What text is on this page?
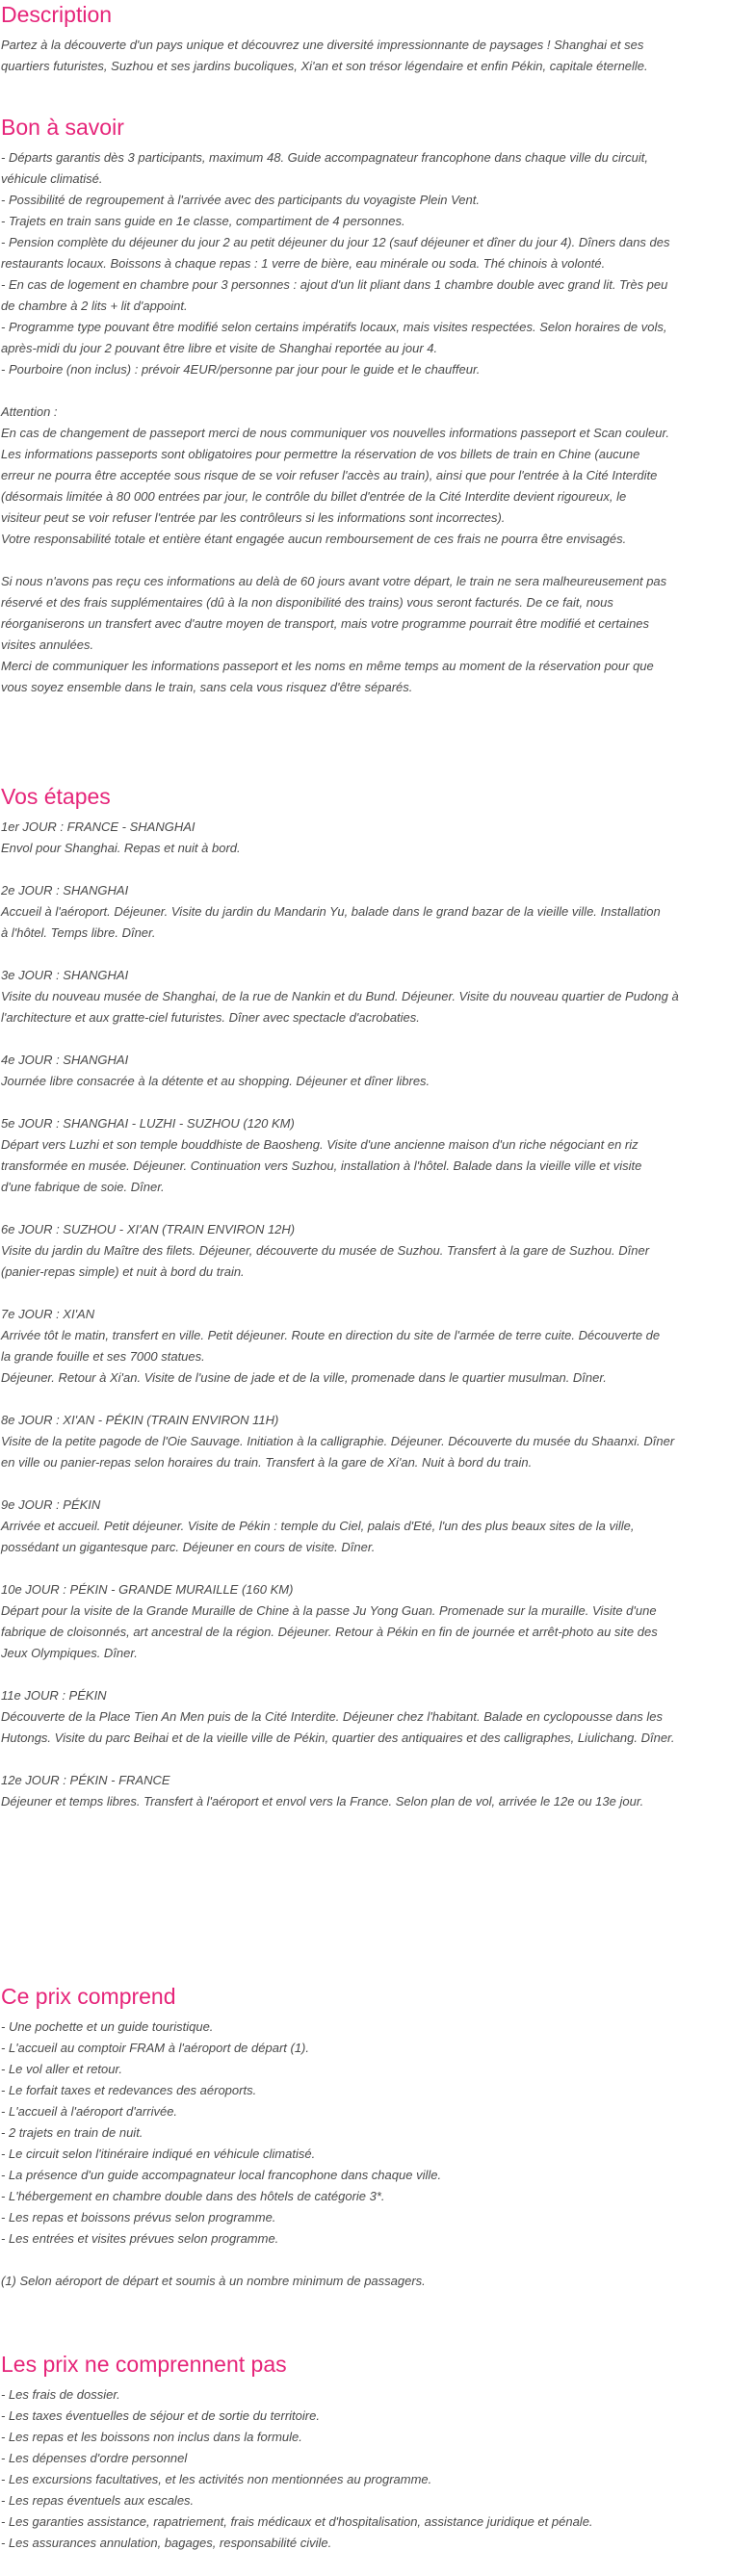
Description
Partez à la découverte d'un pays unique et découvrez une diversité impressionnante de paysages ! Shanghai et ses
quartiers futuristes, Suzhou et ses jardins bucoliques, Xi'an et son trésor légendaire et enfin Pékin, capitale éternelle.
Bon à savoir
- Départs garantis dès 3 participants, maximum 48. Guide accompagnateur francophone dans chaque ville du circuit,
véhicule climatisé.
- Possibilité de regroupement à l'arrivée avec des participants du voyagiste Plein Vent.
- Trajets en train sans guide en 1e classe, compartiment de 4 personnes.
- Pension complète du déjeuner du jour 2 au petit déjeuner du jour 12 (sauf déjeuner et dîner du jour 4). Dîners dans des
restaurants locaux. Boissons à chaque repas : 1 verre de bière, eau minérale ou soda. Thé chinois à volonté.
- En cas de logement en chambre pour 3 personnes : ajout d'un lit pliant dans 1 chambre double avec grand lit. Très peu
de chambre à 2 lits + lit d'appoint.
- Programme type pouvant être modifié selon certains impératifs locaux, mais visites respectées. Selon horaires de vols,
après-midi du jour 2 pouvant être libre et visite de Shanghai reportée au jour 4.
- Pourboire (non inclus) : prévoir 4EUR/personne par jour pour le guide et le chauffeur.
Attention :
En cas de changement de passeport merci de nous communiquer vos nouvelles informations passeport et Scan couleur.
Les informations passeports sont obligatoires pour permettre la réservation de vos billets de train en Chine (aucune
erreur ne pourra être acceptée sous risque de se voir refuser l'accès au train), ainsi que pour l'entrée à la Cité Interdite
(désormais limitée à 80 000 entrées par jour, le contrôle du billet d'entrée de la Cité Interdite devient rigoureux, le
visiteur peut se voir refuser l'entrée par les contrôleurs si les informations sont incorrectes).
Votre responsabilité totale et entière étant engagée aucun remboursement de ces frais ne pourra être envisagés.
Si nous n'avons pas reçu ces informations au delà de 60 jours avant votre départ, le train ne sera malheureusement pas
réservé et des frais supplémentaires (dû à la non disponibilité des trains) vous seront facturés. De ce fait, nous
réorganiserons un transfert avec d'autre moyen de transport, mais votre programme pourrait être modifié et certaines
visites annulées.
Merci de communiquer les informations passeport et les noms en même temps au moment de la réservation pour que
vous soyez ensemble dans le train, sans cela vous risquez d'être séparés.
Vos étapes
1er JOUR : FRANCE - SHANGHAI
Envol pour Shanghai. Repas et nuit à bord.
2e JOUR : SHANGHAI
Accueil à l'aéroport. Déjeuner. Visite du jardin du Mandarin Yu, balade dans le grand bazar de la vieille ville. Installation
à l'hôtel. Temps libre. Dîner.
3e JOUR : SHANGHAI
Visite du nouveau musée de Shanghai, de la rue de Nankin et du Bund. Déjeuner. Visite du nouveau quartier de Pudong à
l'architecture et aux gratte-ciel futuristes. Dîner avec spectacle d'acrobaties.
4e JOUR : SHANGHAI
Journée libre consacrée à la détente et au shopping. Déjeuner et dîner libres.
5e JOUR : SHANGHAI - LUZHI - SUZHOU (120 KM)
Départ vers Luzhi et son temple bouddhiste de Baosheng. Visite d'une ancienne maison d'un riche négociant en riz
transformée en musée. Déjeuner. Continuation vers Suzhou, installation à l'hôtel. Balade dans la vieille ville et visite
d'une fabrique de soie. Dîner.
6e JOUR : SUZHOU - XI'AN (TRAIN ENVIRON 12H)
Visite du jardin du Maître des filets. Déjeuner, découverte du musée de Suzhou. Transfert à la gare de Suzhou. Dîner
(panier-repas simple) et nuit à bord du train.
7e JOUR : XI'AN
Arrivée tôt le matin, transfert en ville. Petit déjeuner. Route en direction du site de l'armée de terre cuite. Découverte de
la grande fouille et ses 7000 statues.
Déjeuner. Retour à Xi'an. Visite de l'usine de jade et de la ville, promenade dans le quartier musulman. Dîner.
8e JOUR : XI'AN - PÉKIN (TRAIN ENVIRON 11H)
Visite de la petite pagode de l'Oie Sauvage. Initiation à la calligraphie. Déjeuner. Découverte du musée du Shaanxi. Dîner
en ville ou panier-repas selon horaires du train. Transfert à la gare de Xi'an. Nuit à bord du train.
9e JOUR : PÉKIN
Arrivée et accueil. Petit déjeuner. Visite de Pékin : temple du Ciel, palais d'Eté, l'un des plus beaux sites de la ville,
possédant un gigantesque parc. Déjeuner en cours de visite. Dîner.
10e JOUR : PÉKIN - GRANDE MURAILLE (160 KM)
Départ pour la visite de la Grande Muraille de Chine à la passe Ju Yong Guan. Promenade sur la muraille. Visite d'une
fabrique de cloisonnés, art ancestral de la région. Déjeuner. Retour à Pékin en fin de journée et arrêt-photo au site des
Jeux Olympiques. Dîner.
11e JOUR : PÉKIN
Découverte de la Place Tien An Men puis de la Cité Interdite. Déjeuner chez l'habitant. Balade en cyclopousse dans les
Hutongs. Visite du parc Beihai et de la vieille ville de Pékin, quartier des antiquaires et des calligraphes, Liulichang. Dîner.
12e JOUR : PÉKIN - FRANCE
Déjeuner et temps libres. Transfert à l'aéroport et envol vers la France. Selon plan de vol, arrivée le 12e ou 13e jour.
Ce prix comprend
- Une pochette et un guide touristique.
- L'accueil au comptoir FRAM à l'aéroport de départ (1).
- Le vol aller et retour.
- Le forfait taxes et redevances des aéroports.
- L'accueil à l'aéroport d'arrivée.
- 2 trajets en train de nuit.
- Le circuit selon l'itinéraire indiqué en véhicule climatisé.
- La présence d'un guide accompagnateur local francophone dans chaque ville.
- L'hébergement en chambre double dans des hôtels de catégorie 3*.
- Les repas et boissons prévus selon programme.
- Les entrées et visites prévues selon programme.
(1) Selon aéroport de départ et soumis à un nombre minimum de passagers.
Les prix ne comprennent pas
- Les frais de dossier.
- Les taxes éventuelles de séjour et de sortie du territoire.
- Les repas et les boissons non inclus dans la formule.
- Les dépenses d'ordre personnel
- Les excursions facultatives, et les activités non mentionnées au programme.
- Les repas éventuels aux escales.
- Les garanties assistance, rapatriement, frais médicaux et d'hospitalisation, assistance juridique et pénale.
- Les assurances annulation, bagages, responsabilité civile.
